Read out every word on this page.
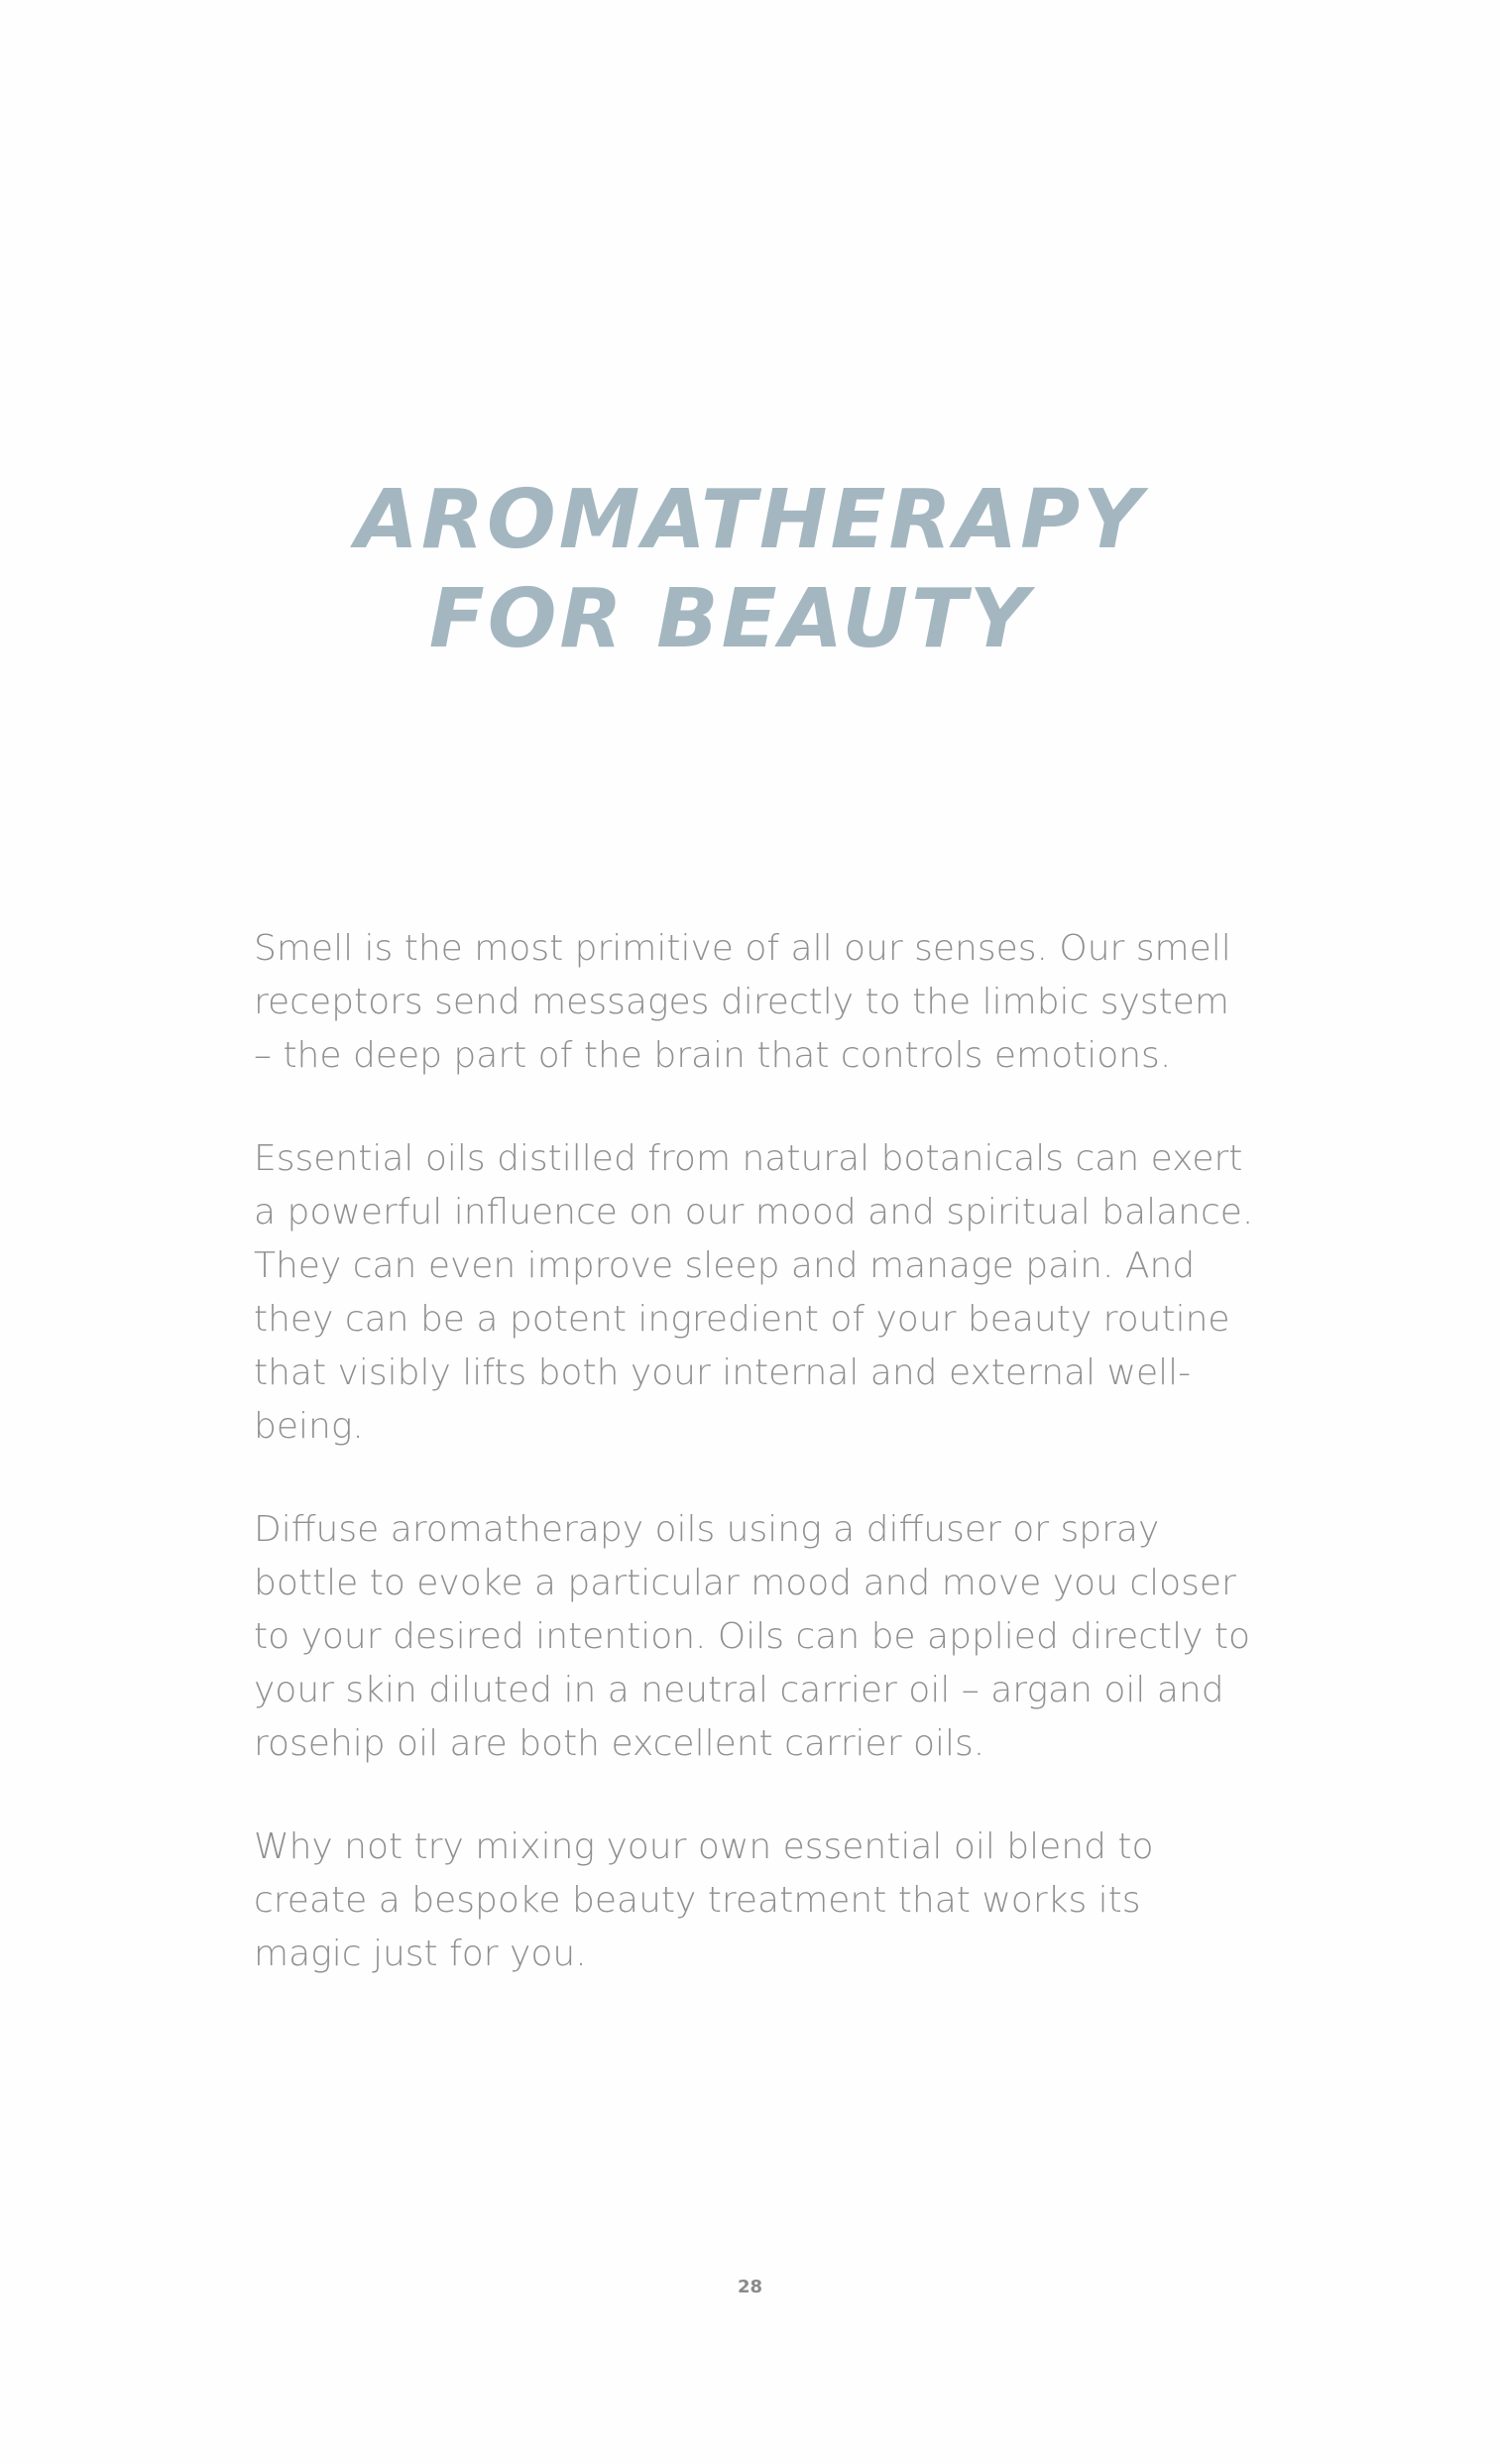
AROMATHERAPY
FOR BEAUTY

Smell is the most primitive of all our senses. Our smell receptors send messages directly to the limbic system – the deep part of the brain that controls emotions.

Essential oils distilled from natural botanicals can exert a powerful influence on our mood and spiritual balance. They can even improve sleep and manage pain. And they can be a potent ingredient of your beauty routine that visibly lifts both your internal and external well-being.

Diffuse aromatherapy oils using a diffuser or spray bottle to evoke a particular mood and move you closer to your desired intention. Oils can be applied directly to your skin diluted in a neutral carrier oil – argan oil and rosehip oil are both excellent carrier oils.

Why not try mixing your own essential oil blend to create a bespoke beauty treatment that works its magic just for you.

28
